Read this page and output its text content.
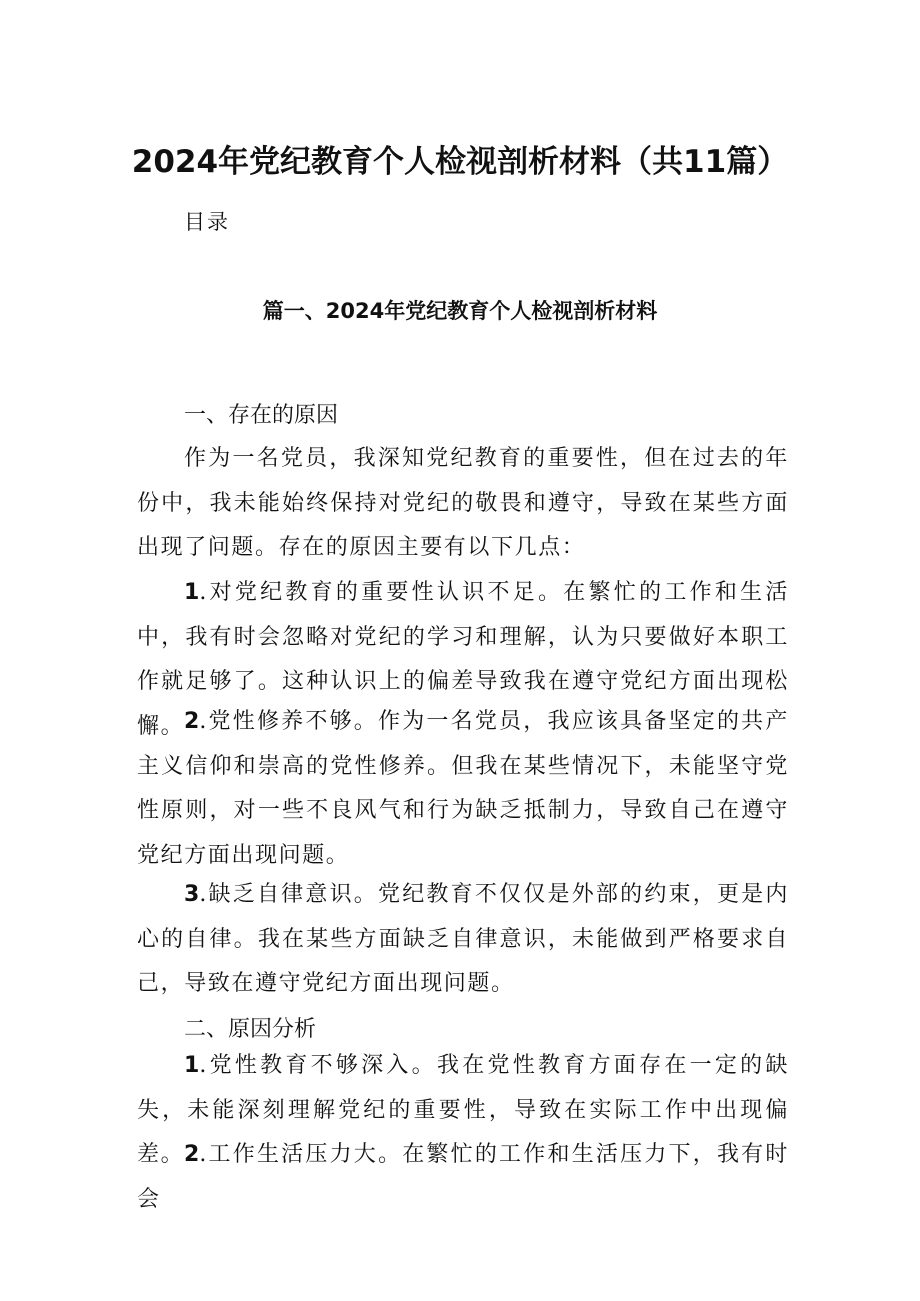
2024年党纪教育个人检视剖析材料（共11篇）
目录
篇一、2024年党纪教育个人检视剖析材料
一、存在的原因

作为一名党员，我深知党纪教育的重要性，但在过去的年份中，我未能始终保持对党纪的敬畏和遵守，导致在某些方面出现了问题。存在的原因主要有以下几点：

1.对党纪教育的重要性认识不足。在繁忙的工作和生活中，我有时会忽略对党纪的学习和理解，认为只要做好本职工作就足够了。这种认识上的偏差导致我在遵守党纪方面出现松懈。 2.党性修养不够。作为一名党员，我应该具备坚定的共产主义信仰和崇高的党性修养。但我在某些情况下，未能坚守党性原则，对一些不良风气和行为缺乏抵制力，导致自己在遵守党纪方面出现问题。

3.缺乏自律意识。党纪教育不仅仅是外部的约束，更是内心的自律。我在某些方面缺乏自律意识，未能做到严格要求自己，导致在遵守党纪方面出现问题。

二、原因分析

1.党性教育不够深入。我在党性教育方面存在一定的缺失，未能深刻理解党纪的重要性，导致在实际工作中出现偏差。 2.工作生活压力大。在繁忙的工作和生活压力下，我有时会
